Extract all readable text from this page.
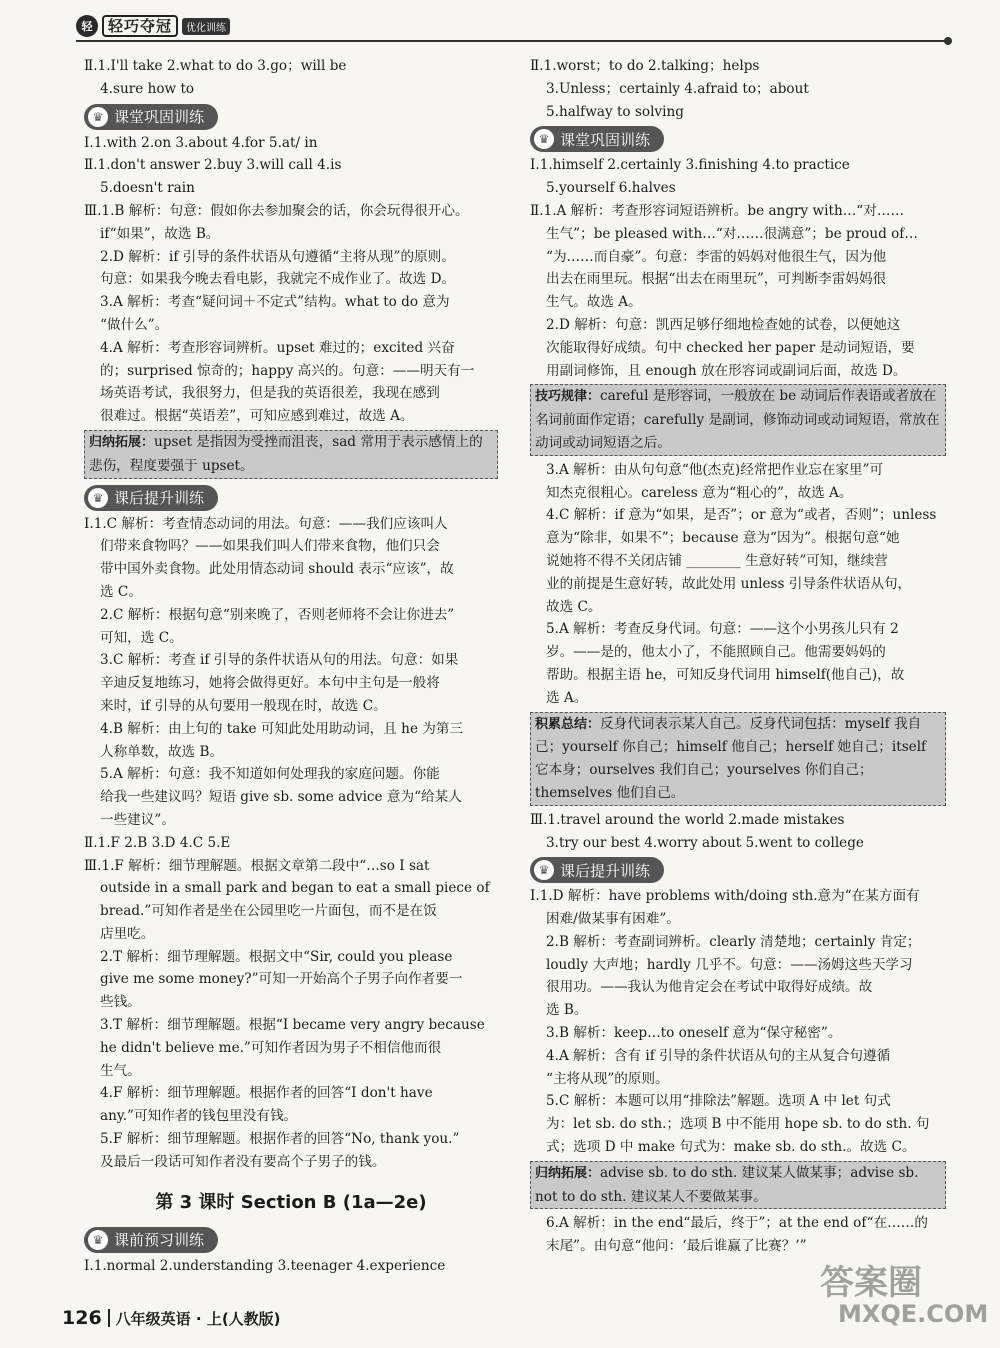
轻	轻巧夺冠	优化训练
Ⅱ.1.I'll take 2.what to do 3.go；will be
4.sure how to
♛ 课堂巩固训练
Ⅰ.1.with 2.on 3.about 4.for 5.at/ in
Ⅱ.1.don't answer 2.buy 3.will call 4.is
5.doesn't rain
Ⅲ.1.B 解析：句意：假如你去参加聚会的话，你会玩得很开心。
if“如果”，故选 B。
2.D 解析：if 引导的条件状语从句遵循“主将从现”的原则。
句意：如果我今晚去看电影，我就完不成作业了。故选 D。
3.A 解析：考查“疑问词＋不定式”结构。what to do 意为
“做什么”。
4.A 解析：考查形容词辨析。upset 难过的；excited 兴奋
的；surprised 惊奇的；happy 高兴的。句意：——明天有一
场英语考试，我很努力，但是我的英语很差，我现在感到
很难过。根据“英语差”，可知应感到难过，故选 A。
归纳拓展：upset 是指因为受挫而沮丧，sad 常用于表示感情上的悲伤，程度要强于 upset。
♛ 课后提升训练
Ⅰ.1.C 解析：考查情态动词的用法。句意：——我们应该叫人
们带来食物吗？——如果我们叫人们带来食物，他们只会
带中国外卖食物。此处用情态动词 should 表示“应该”，故
选 C。
2.C 解析：根据句意“别来晚了，否则老师将不会让你进去”
可知，选 C。
3.C 解析：考查 if 引导的条件状语从句的用法。句意：如果
辛迪反复地练习，她将会做得更好。本句中主句是一般将
来时，if 引导的从句要用一般现在时，故选 C。
4.B 解析：由上句的 take 可知此处用助动词，且 he 为第三
人称单数，故选 B。
5.A 解析：句意：我不知道如何处理我的家庭问题。你能
给我一些建议吗？短语 give sb. some advice 意为“给某人
一些建议”。
Ⅱ.1.F 2.B 3.D 4.C 5.E
Ⅲ.1.F 解析：细节理解题。根据文章第二段中“…so I sat
outside in a small park and began to eat a small piece of
bread.”可知作者是坐在公园里吃一片面包，而不是在饭
店里吃。
2.T 解析：细节理解题。根据文中“Sir, could you please
give me some money?”可知一开始高个子男子向作者要一
些钱。
3.T 解析：细节理解题。根据“I became very angry because
he didn't believe me.”可知作者因为男子不相信他而很
生气。
4.F 解析：细节理解题。根据作者的回答“I don't have
any.”可知作者的钱包里没有钱。
5.F 解析：细节理解题。根据作者的回答“No, thank you.”
及最后一段话可知作者没有要高个子男子的钱。
第 3 课时 Section B (1a—2e)
♛ 课前预习训练
Ⅰ.1.normal 2.understanding 3.teenager 4.experience
Ⅱ.1.worst；to do 2.talking；helps
3.Unless；certainly 4.afraid to；about
5.halfway to solving
♛ 课堂巩固训练
Ⅰ.1.himself 2.certainly 3.finishing 4.to practice
5.yourself 6.halves
Ⅱ.1.A 解析：考查形容词短语辨析。be angry with…“对……
生气”；be pleased with…“对……很满意”；be proud of…
“为……而自豪”。句意：李雷的妈妈对他很生气，因为他
出去在雨里玩。根据“出去在雨里玩”，可判断李雷妈妈很
生气。故选 A。
2.D 解析：句意：凯西足够仔细地检查她的试卷，以便她这
次能取得好成绩。句中 checked her paper 是动词短语，要
用副词修饰，且 enough 放在形容词或副词后面，故选 D。
技巧规律：careful 是形容词，一般放在 be 动词后作表语或者放在名词前面作定语；carefully 是副词，修饰动词或动词短语，常放在动词或动词短语之后。
3.A 解析：由从句句意“他(杰克)经常把作业忘在家里”可
知杰克很粗心。careless 意为“粗心的”，故选 A。
4.C 解析：if 意为“如果，是否”；or 意为“或者，否则”；unless
意为“除非，如果不”；because 意为“因为”。根据句意“她
说她将不得不关闭店铺 ________ 生意好转”可知，继续营
业的前提是生意好转，故此处用 unless 引导条件状语从句，
故选 C。
5.A 解析：考查反身代词。句意：——这个小男孩儿只有 2
岁。——是的，他太小了，不能照顾自己。他需要妈妈的
帮助。根据主语 he，可知反身代词用 himself(他自己)，故
选 A。
积累总结：反身代词表示某人自己。反身代词包括：myself 我自己；yourself 你自己；himself 他自己；herself 她自己；itself 它本身；ourselves 我们自己；yourselves 你们自己；themselves 他们自己。
Ⅲ.1.travel around the world 2.made mistakes
3.try our best 4.worry about 5.went to college
♛ 课后提升训练
Ⅰ.1.D 解析：have problems with/doing sth.意为“在某方面有
困难/做某事有困难”。
2.B 解析：考查副词辨析。clearly 清楚地；certainly 肯定；
loudly 大声地；hardly 几乎不。句意：——汤姆这些天学习
很用功。——我认为他肯定会在考试中取得好成绩。故
选 B。
3.B 解析：keep…to oneself 意为“保守秘密”。
4.A 解析：含有 if 引导的条件状语从句的主从复合句遵循
“主将从现”的原则。
5.C 解析：本题可以用“排除法”解题。选项 A 中 let 句式
为：let sb. do sth.；选项 B 中不能用 hope sb. to do sth. 句
式；选项 D 中 make 句式为：make sb. do sth.。故选 C。
归纳拓展：advise sb. to do sth. 建议某人做某事；advise sb. not to do sth. 建议某人不要做某事。
6.A 解析：in the end“最后，终于”；at the end of“在……的
末尾”。由句意“他问：‘最后谁赢了比赛？’”
126 八年级英语 · 上(人教版)
答案圈
MXQE.COM
